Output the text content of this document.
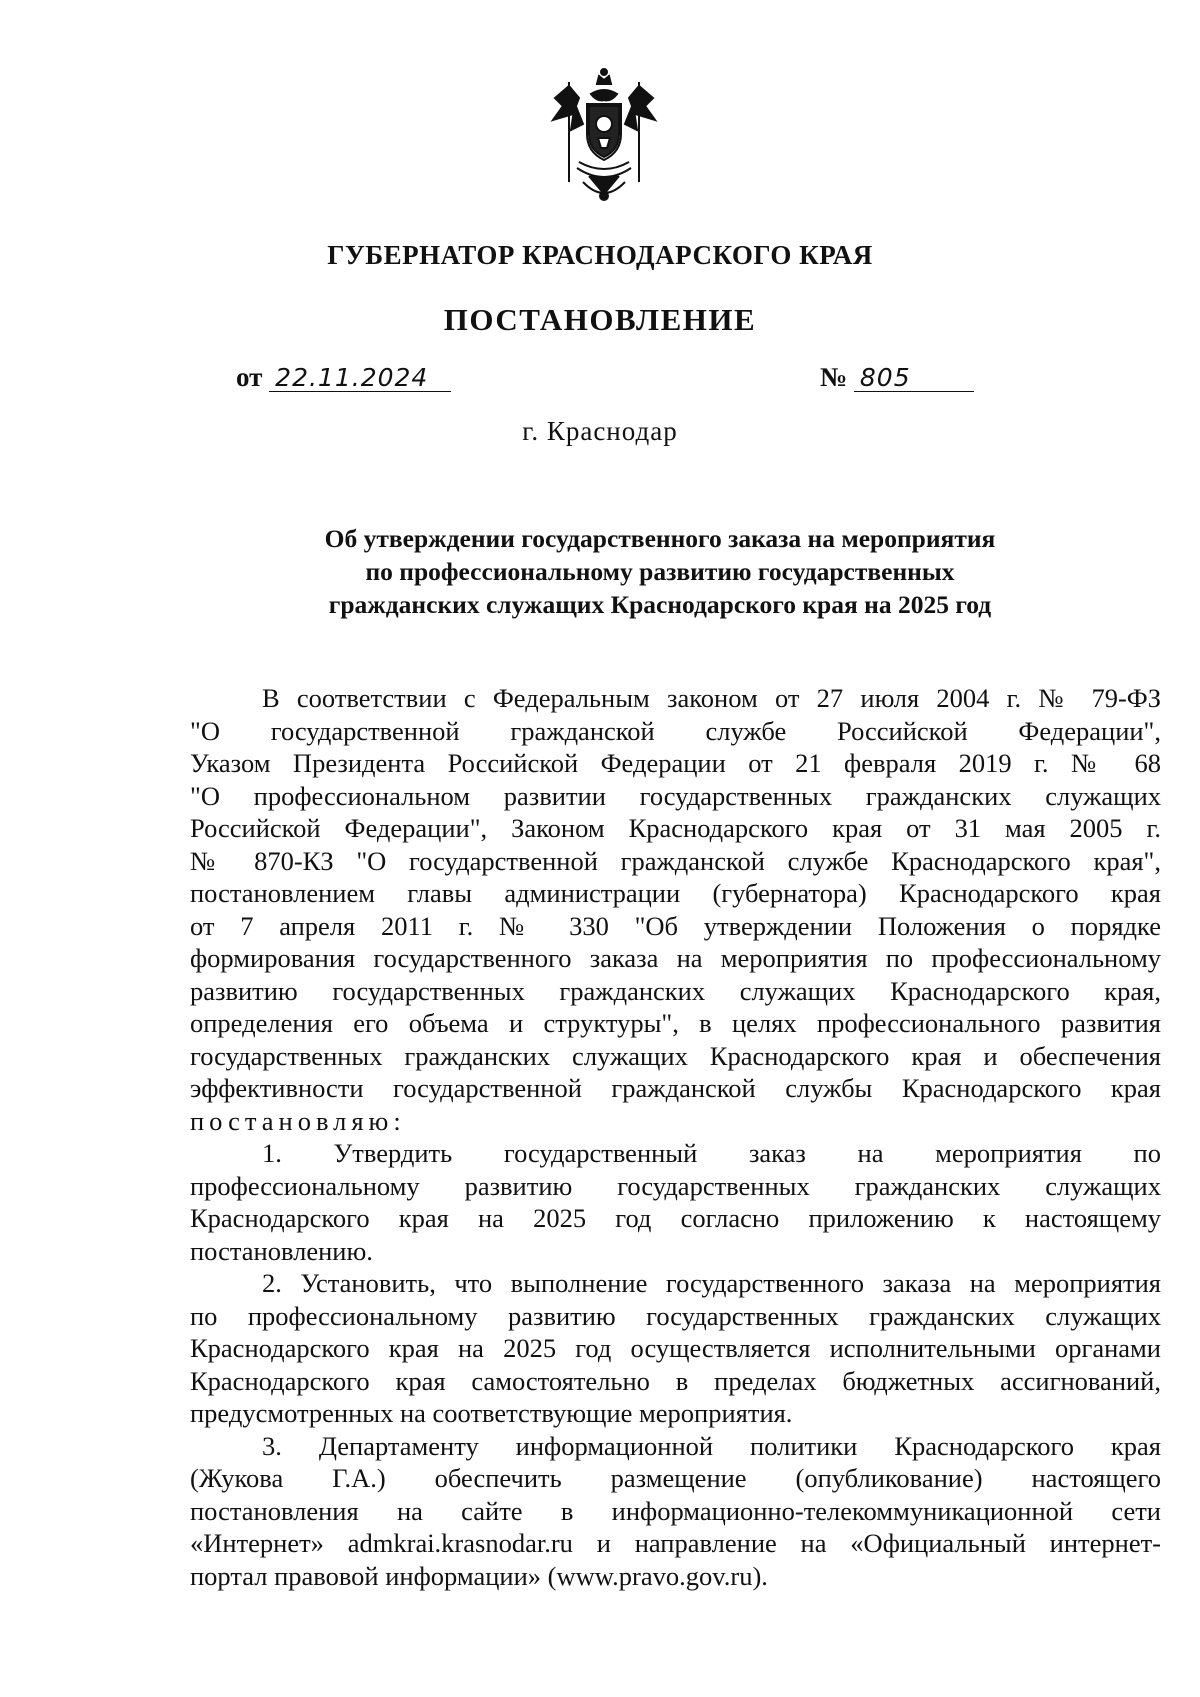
ГУБЕРНАТОР КРАСНОДАРСКОГО КРАЯ
ПОСТАНОВЛЕНИЕ
от 22.11.2024	№ 805
г. Краснодар
Об утверждении государственного заказа на мероприятия
по профессиональному развитию государственных
гражданских служащих Краснодарского края на 2025 год

В соответствии с Федеральным законом от 27 июля 2004 г. № 79-ФЗ

"О государственной гражданской службе Российской Федерации",

Указом Президента Российской Федерации от 21 февраля 2019 г. № 68

"О профессиональном развитии государственных гражданских служащих

Российской Федерации", Законом Краснодарского края от 31 мая 2005 г.

№ 870-КЗ "О государственной гражданской службе Краснодарского края",

постановлением главы администрации (губернатора) Краснодарского края

от 7 апреля 2011 г. № 330 "Об утверждении Положения о порядке

формирования государственного заказа на мероприятия по профессиональному

развитию государственных гражданских служащих Краснодарского края,

определения его объема и структуры", в целях профессионального развития

государственных гражданских служащих Краснодарского края и обеспечения

эффективности государственной гражданской службы Краснодарского края

постановляю:

1. Утвердить государственный заказ на мероприятия по

профессиональному развитию государственных гражданских служащих

Краснодарского края на 2025 год согласно приложению к настоящему

постановлению.

2. Установить, что выполнение государственного заказа на мероприятия

по профессиональному развитию государственных гражданских служащих

Краснодарского края на 2025 год осуществляется исполнительными органами

Краснодарского края самостоятельно в пределах бюджетных ассигнований,

предусмотренных на соответствующие мероприятия.

3. Департаменту информационной политики Краснодарского края

(Жукова Г.А.) обеспечить размещение (опубликование) настоящего

постановления на сайте в информационно-телекоммуникационной сети

«Интернет» admkrai.krasnodar.ru и направление на «Официальный интернет-

портал правовой информации» (www.pravo.gov.ru).
